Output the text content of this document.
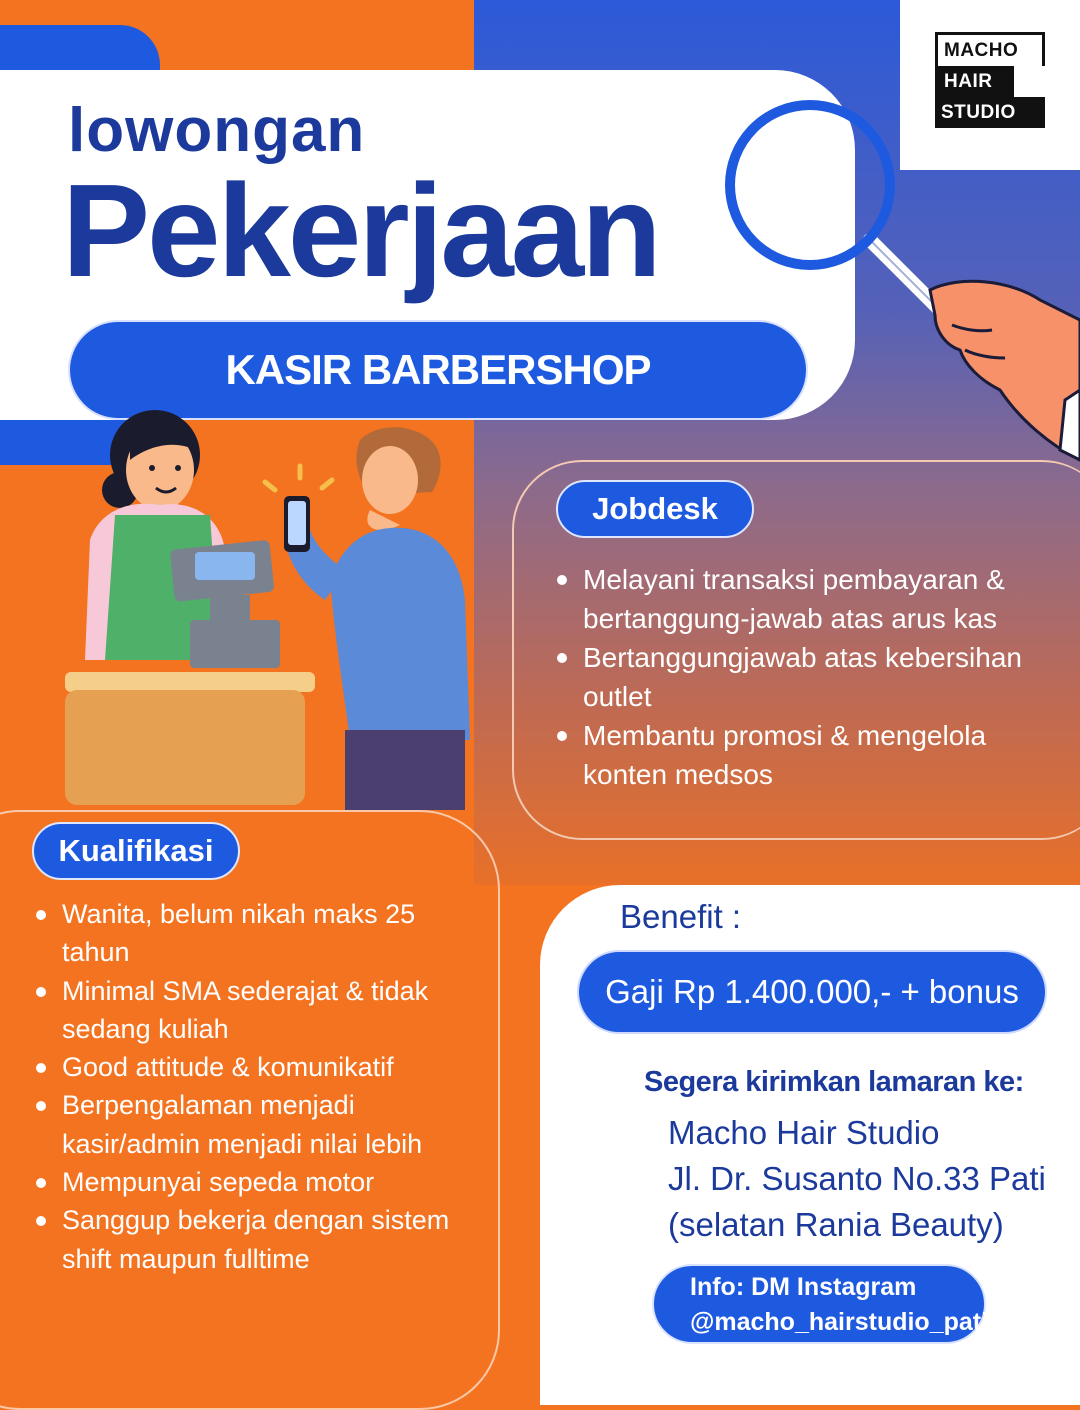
MACHO
HAIR
STUDIO
lowongan
Pekerjaan
KASIR BARBERSHOP
Jobdesk
Melayani transaksi pembayaran & bertanggung-jawab atas arus kas
Bertanggungjawab atas kebersihan outlet
Membantu promosi & mengelola konten medsos
Kualifikasi
Wanita, belum nikah maks 25 tahun
Minimal SMA sederajat & tidak sedang kuliah
Good attitude & komunikatif
Berpengalaman menjadi kasir/admin menjadi nilai lebih
Mempunyai sepeda motor
Sanggup bekerja dengan sistem shift maupun fulltime
Benefit :
Gaji Rp 1.400.000,- + bonus
Segera kirimkan lamaran ke:
Macho Hair Studio
Jl. Dr. Susanto No.33 Pati
(selatan Rania Beauty)
Info: DM Instagram
@macho_hairstudio_pati
